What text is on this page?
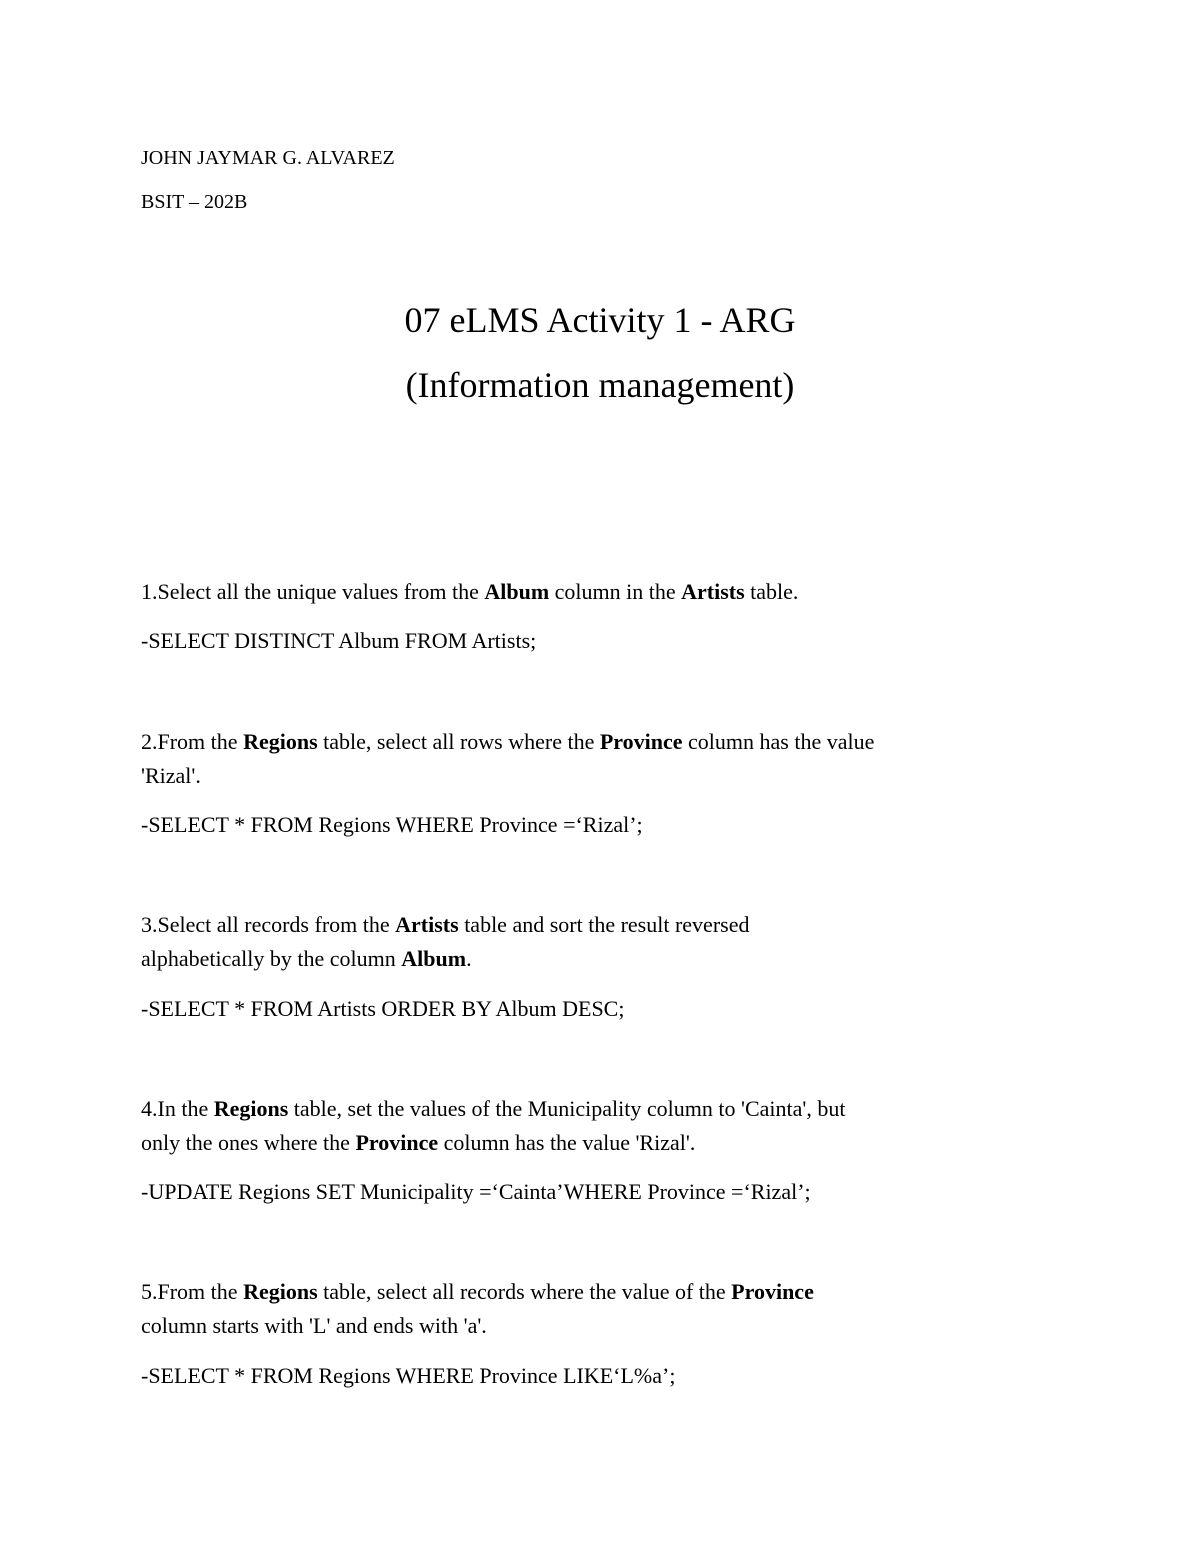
JOHN JAYMAR G. ALVAREZ
BSIT – 202B
07 eLMS Activity 1 - ARG
(Information management)
1.Select all the unique values from the Album column in the Artists table.
-SELECT DISTINCT Album FROM Artists;
2.From the Regions table, select all rows where the Province column has the value
'Rizal'.
-SELECT * FROM Regions WHERE Province =‘Rizal’;
3.Select all records from the Artists table and sort the result reversed
alphabetically by the column Album.
-SELECT * FROM Artists ORDER BY Album DESC;
4.In the Regions table, set the values of the Municipality column to 'Cainta', but
only the ones where the Province column has the value 'Rizal'.
-UPDATE Regions SET Municipality =‘Cainta’WHERE Province =‘Rizal’;
5.From the Regions table, select all records where the value of the Province
column starts with 'L' and ends with 'a'.
-SELECT * FROM Regions WHERE Province LIKE‘L%a’;
